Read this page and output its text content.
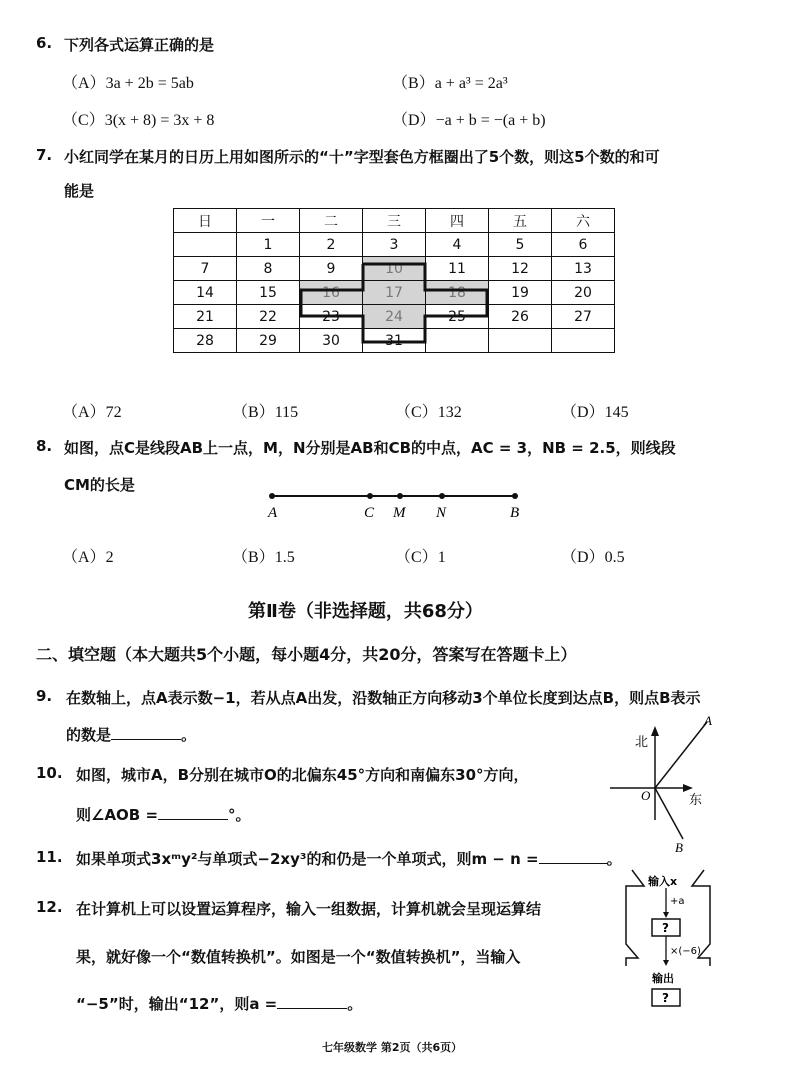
6. 下列各式运算正确的是
（A）3a + 2b = 5ab	（B）a + a³ = 2a³
（C）3(x + 8) = 3x + 8	（D）−a + b = −(a + b)
7. 小红同学在某月的日历上用如图所示的“十”字型套色方框圈出了5个数，则这5个数的和可
能是
日	一	二	三	四	五	六
	1	2	3	4	5	6
7	8	9	10	11	12	13
14	15	16	17	18	19	20
21	22	23	24	25	26	27
28	29	30	31			
（A）72	（B）115	（C）132	（D）145
8. 如图，点C是线段AB上一点，M，N分别是AB和CB的中点，AC = 3，NB = 2.5，则线段
CM的长是
A	C M N	B
（A）2	（B）1.5	（C）1	（D）0.5
第Ⅱ卷（非选择题，共68分）
二、填空题（本大题共5个小题，每小题4分，共20分，答案写在答题卡上）
9. 在数轴上，点A表示数−1，若从点A出发，沿数轴正方向移动3个单位长度到达点B，则点B表示
的数是	。
10. 如图，城市A，B分别在城市O的北偏东45°方向和南偏东30°方向，
则∠AOB =	°。
北
东
O
A
B
11. 如果单项式3xᵐy²与单项式−2xy³的和仍是一个单项式，则m − n =	。
12. 在计算机上可以设置运算程序，输入一组数据，计算机就会呈现运算结
果，就好像一个“数值转换机”。如图是一个“数值转换机”，当输入
“−5”时，输出“12”，则a =	。
输入x
+a
?
×(−6)
输出
?
七年级数学 第2页（共6页）
